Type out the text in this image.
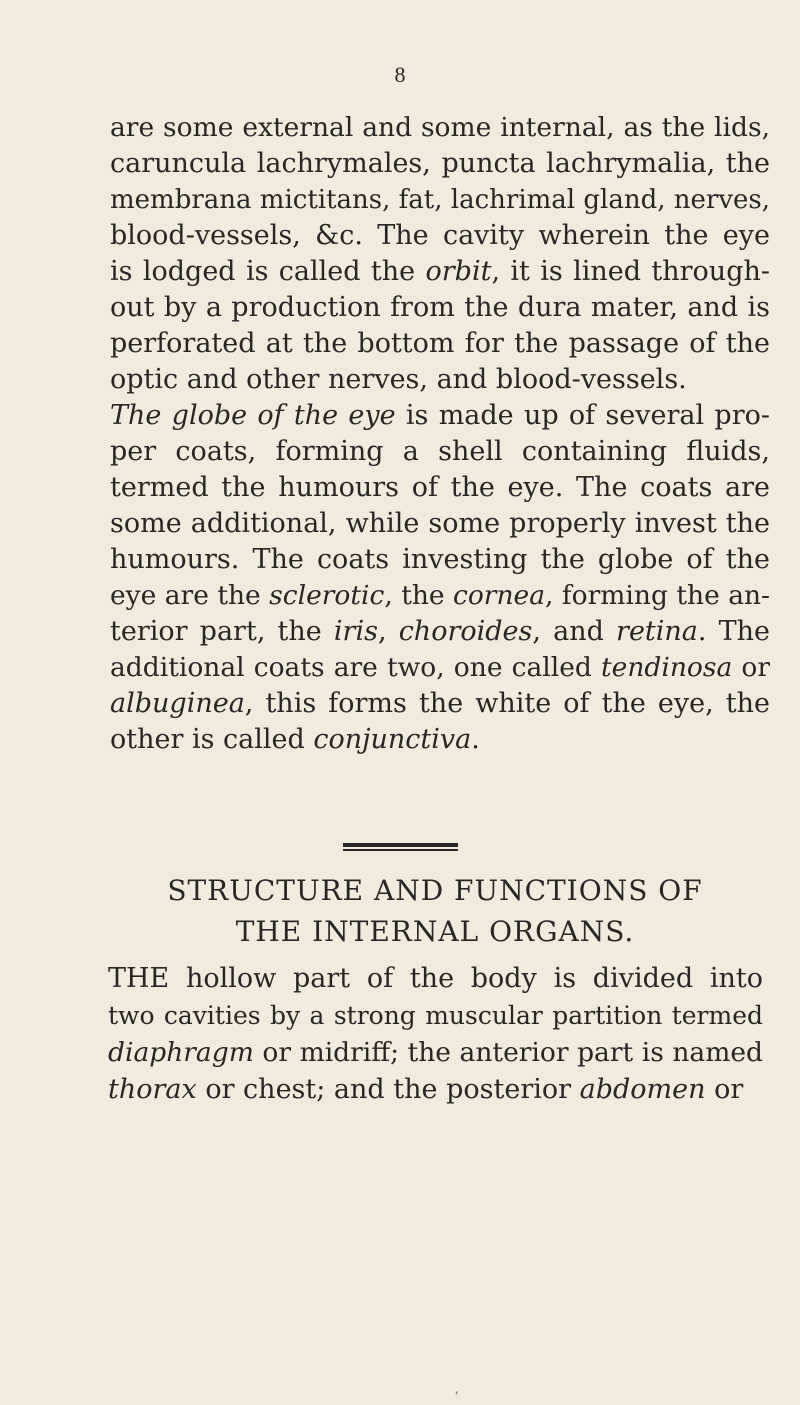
8
are some external and some internal, as the lids,
caruncula lachrymales, puncta lachrymalia, the
membrana mictitans, fat, lachrimal gland, nerves,
blood-vessels, &c. The cavity wherein the eye
is lodged is called the orbit, it is lined through-
out by a production from the dura mater, and is
perforated at the bottom for the passage of the
optic and other nerves, and blood-vessels.
The globe of the eye is made up of several pro-
per coats, forming a shell containing fluids,
termed the humours of the eye. The coats are
some additional, while some properly invest the
humours. The coats investing the globe of the
eye are the sclerotic, the cornea, forming the an-
terior part, the iris, choroides, and retina. The
additional coats are two, one called tendinosa or
albuginea, this forms the white of the eye, the
other is called conjunctiva.
STRUCTURE AND FUNCTIONS OF
THE INTERNAL ORGANS.
THE hollow part of the body is divided into
two cavities by a strong muscular partition termed
diaphragm or midriff; the anterior part is named
thorax or chest; and the posterior abdomen or
,
